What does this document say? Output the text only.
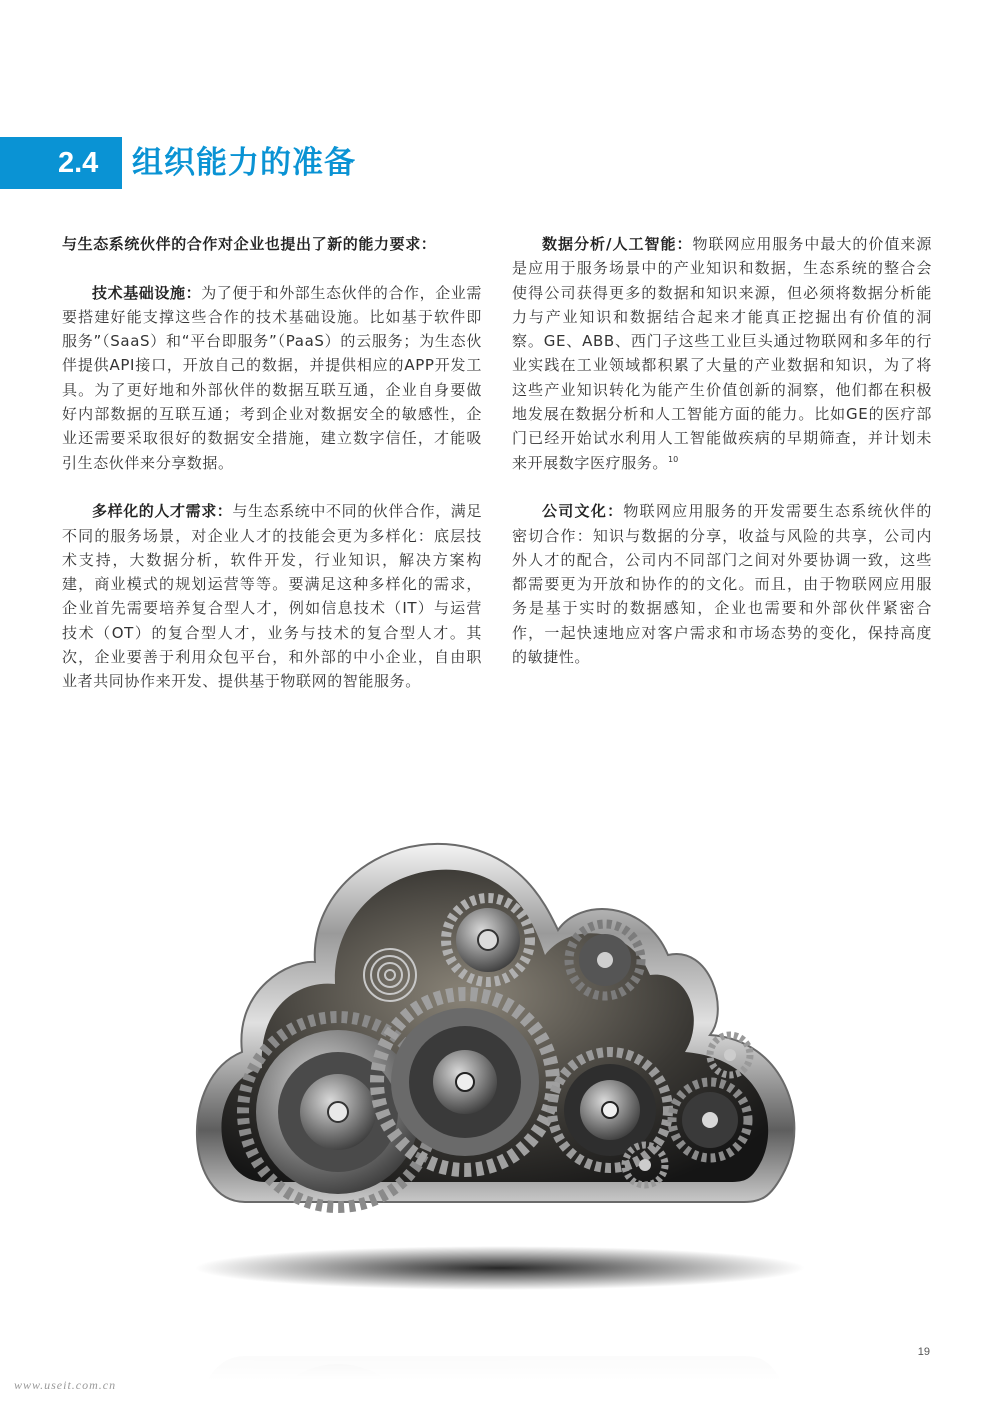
2.4 组织能力的准备

与生态系统伙伴的合作对企业也提出了新的能力要求：

技术基础设施：为了便于和外部生态伙伴的合作，企业需要搭建好能支撑这些合作的技术基础设施。比如基于软件即服务”（SaaS）和“平台即服务”（PaaS）的云服务；为生态伙伴提供API接口，开放自己的数据，并提供相应的APP开发工具。为了更好地和外部伙伴的数据互联互通，企业自身要做好内部数据的互联互通；考到企业对数据安全的敏感性，企业还需要采取很好的数据安全措施，建立数字信任，才能吸引生态伙伴来分享数据。

多样化的人才需求：与生态系统中不同的伙伴合作，满足不同的服务场景，对企业人才的技能会更为多样化：底层技术支持，大数据分析，软件开发，行业知识，解决方案构建，商业模式的规划运营等等。要满足这种多样化的需求，企业首先需要培养复合型人才，例如信息技术（IT）与运营技术（OT）的复合型人才，业务与技术的复合型人才。其次，企业要善于利用众包平台，和外部的中小企业，自由职业者共同协作来开发、提供基于物联网的智能服务。

数据分析/人工智能：物联网应用服务中最大的价值来源是应用于服务场景中的产业知识和数据，生态系统的整合会使得公司获得更多的数据和知识来源，但必须将数据分析能力与产业知识和数据结合起来才能真正挖掘出有价值的洞察。GE、ABB、西门子这些工业巨头通过物联网和多年的行业实践在工业领域都积累了大量的产业数据和知识，为了将这些产业知识转化为能产生价值创新的洞察，他们都在积极地发展在数据分析和人工智能方面的能力。比如GE的医疗部门已经开始试水利用人工智能做疾病的早期筛查，并计划未来开展数字医疗服务。$^{10}$

公司文化：物联网应用服务的开发需要生态系统伙伴的密切合作：知识与数据的分享，收益与风险的共享，公司内外人才的配合，公司内不同部门之间对外要协调一致，这些都需要更为开放和协作的的文化。而且，由于物联网应用服务是基于实时的数据感知，企业也需要和外部伙伴紧密合作，一起快速地应对客户需求和市场态势的变化，保持高度的敏捷性。

19
www.useit.com.cn
